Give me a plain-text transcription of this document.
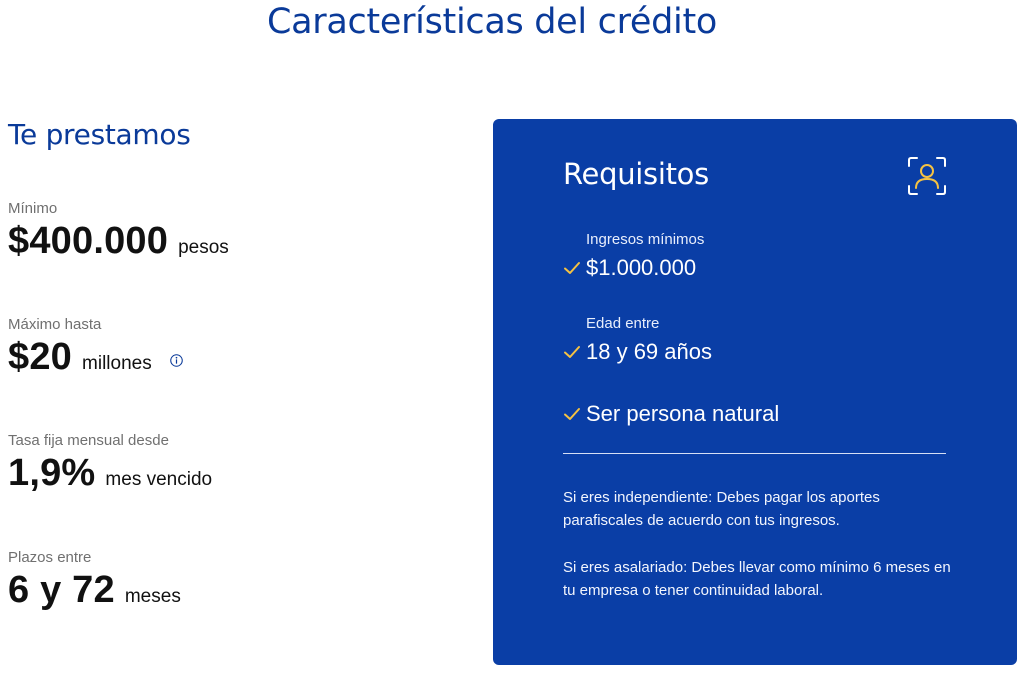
Características del crédito
Te prestamos
Mínimo
$400.000 pesos
Máximo hasta
$20 millones
Tasa fija mensual desde
1,9% mes vencido
Plazos entre
6 y 72 meses
Requisitos
Ingresos mínimos
$1.000.000
Edad entre
18 y 69 años
Ser persona natural
Si eres independiente: Debes pagar los aportes parafiscales de acuerdo con tus ingresos.
Si eres asalariado: Debes llevar como mínimo 6 meses en tu empresa o tener continuidad laboral.
